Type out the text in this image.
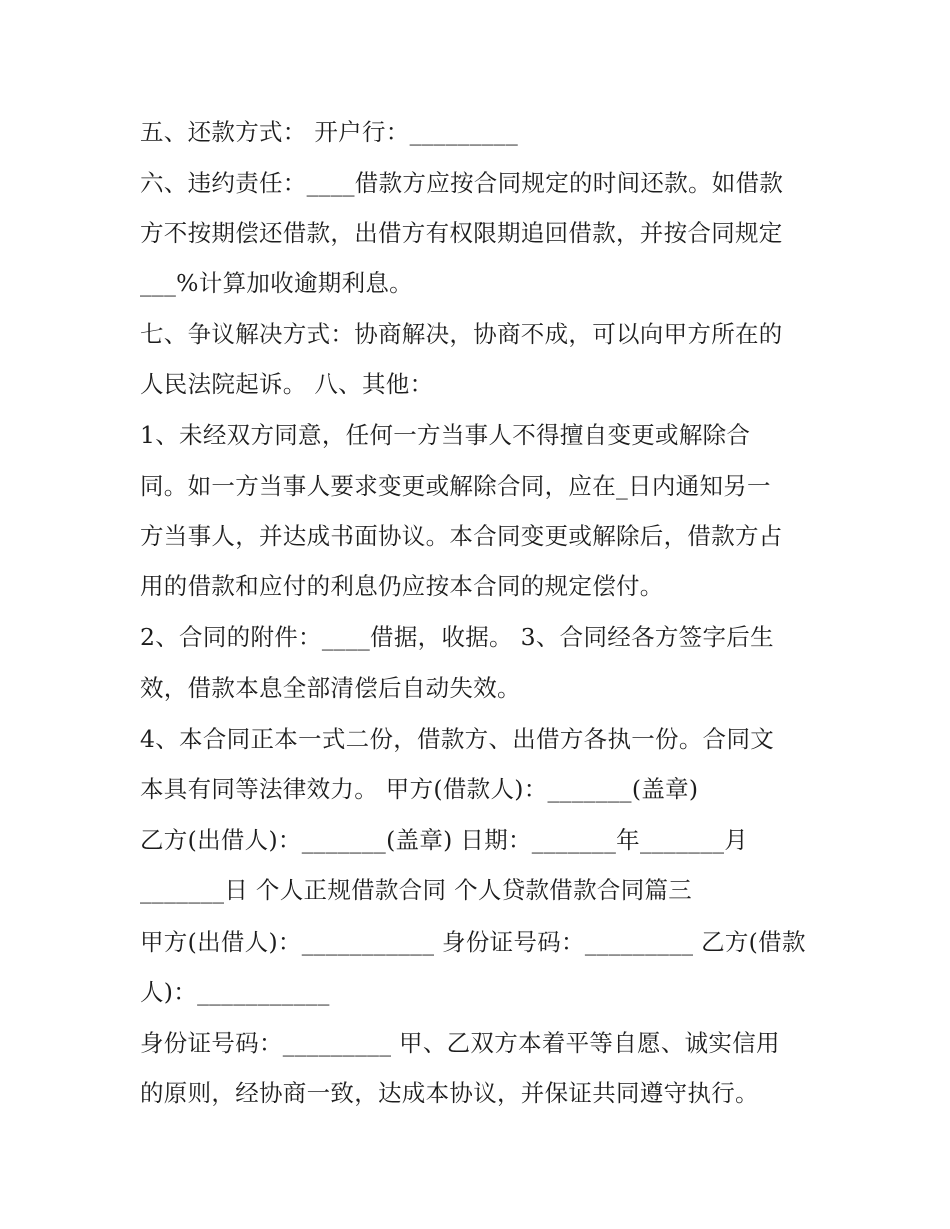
五、还款方式： 开户行：_________
六、违约责任：____借款方应按合同规定的时间还款。如借款
方不按期偿还借款，出借方有权限期追回借款，并按合同规定
___%计算加收逾期利息。
七、争议解决方式：协商解决，协商不成，可以向甲方所在的
人民法院起诉。 八、其他：
1、未经双方同意，任何一方当事人不得擅自变更或解除合
同。如一方当事人要求变更或解除合同，应在_日内通知另一
方当事人，并达成书面协议。本合同变更或解除后，借款方占
用的借款和应付的利息仍应按本合同的规定偿付。
2、合同的附件：____借据，收据。 3、合同经各方签字后生
效，借款本息全部清偿后自动失效。
4、本合同正本一式二份，借款方、出借方各执一份。合同文
本具有同等法律效力。 甲方(借款人)：_______(盖章)
乙方(出借人)：_______(盖章) 日期：_______年_______月
_______日 个人正规借款合同 个人贷款借款合同篇三
甲方(出借人)：___________ 身份证号码：_________ 乙方(借款
人)：___________
身份证号码：_________ 甲、乙双方本着平等自愿、诚实信用
的原则，经协商一致，达成本协议，并保证共同遵守执行。
